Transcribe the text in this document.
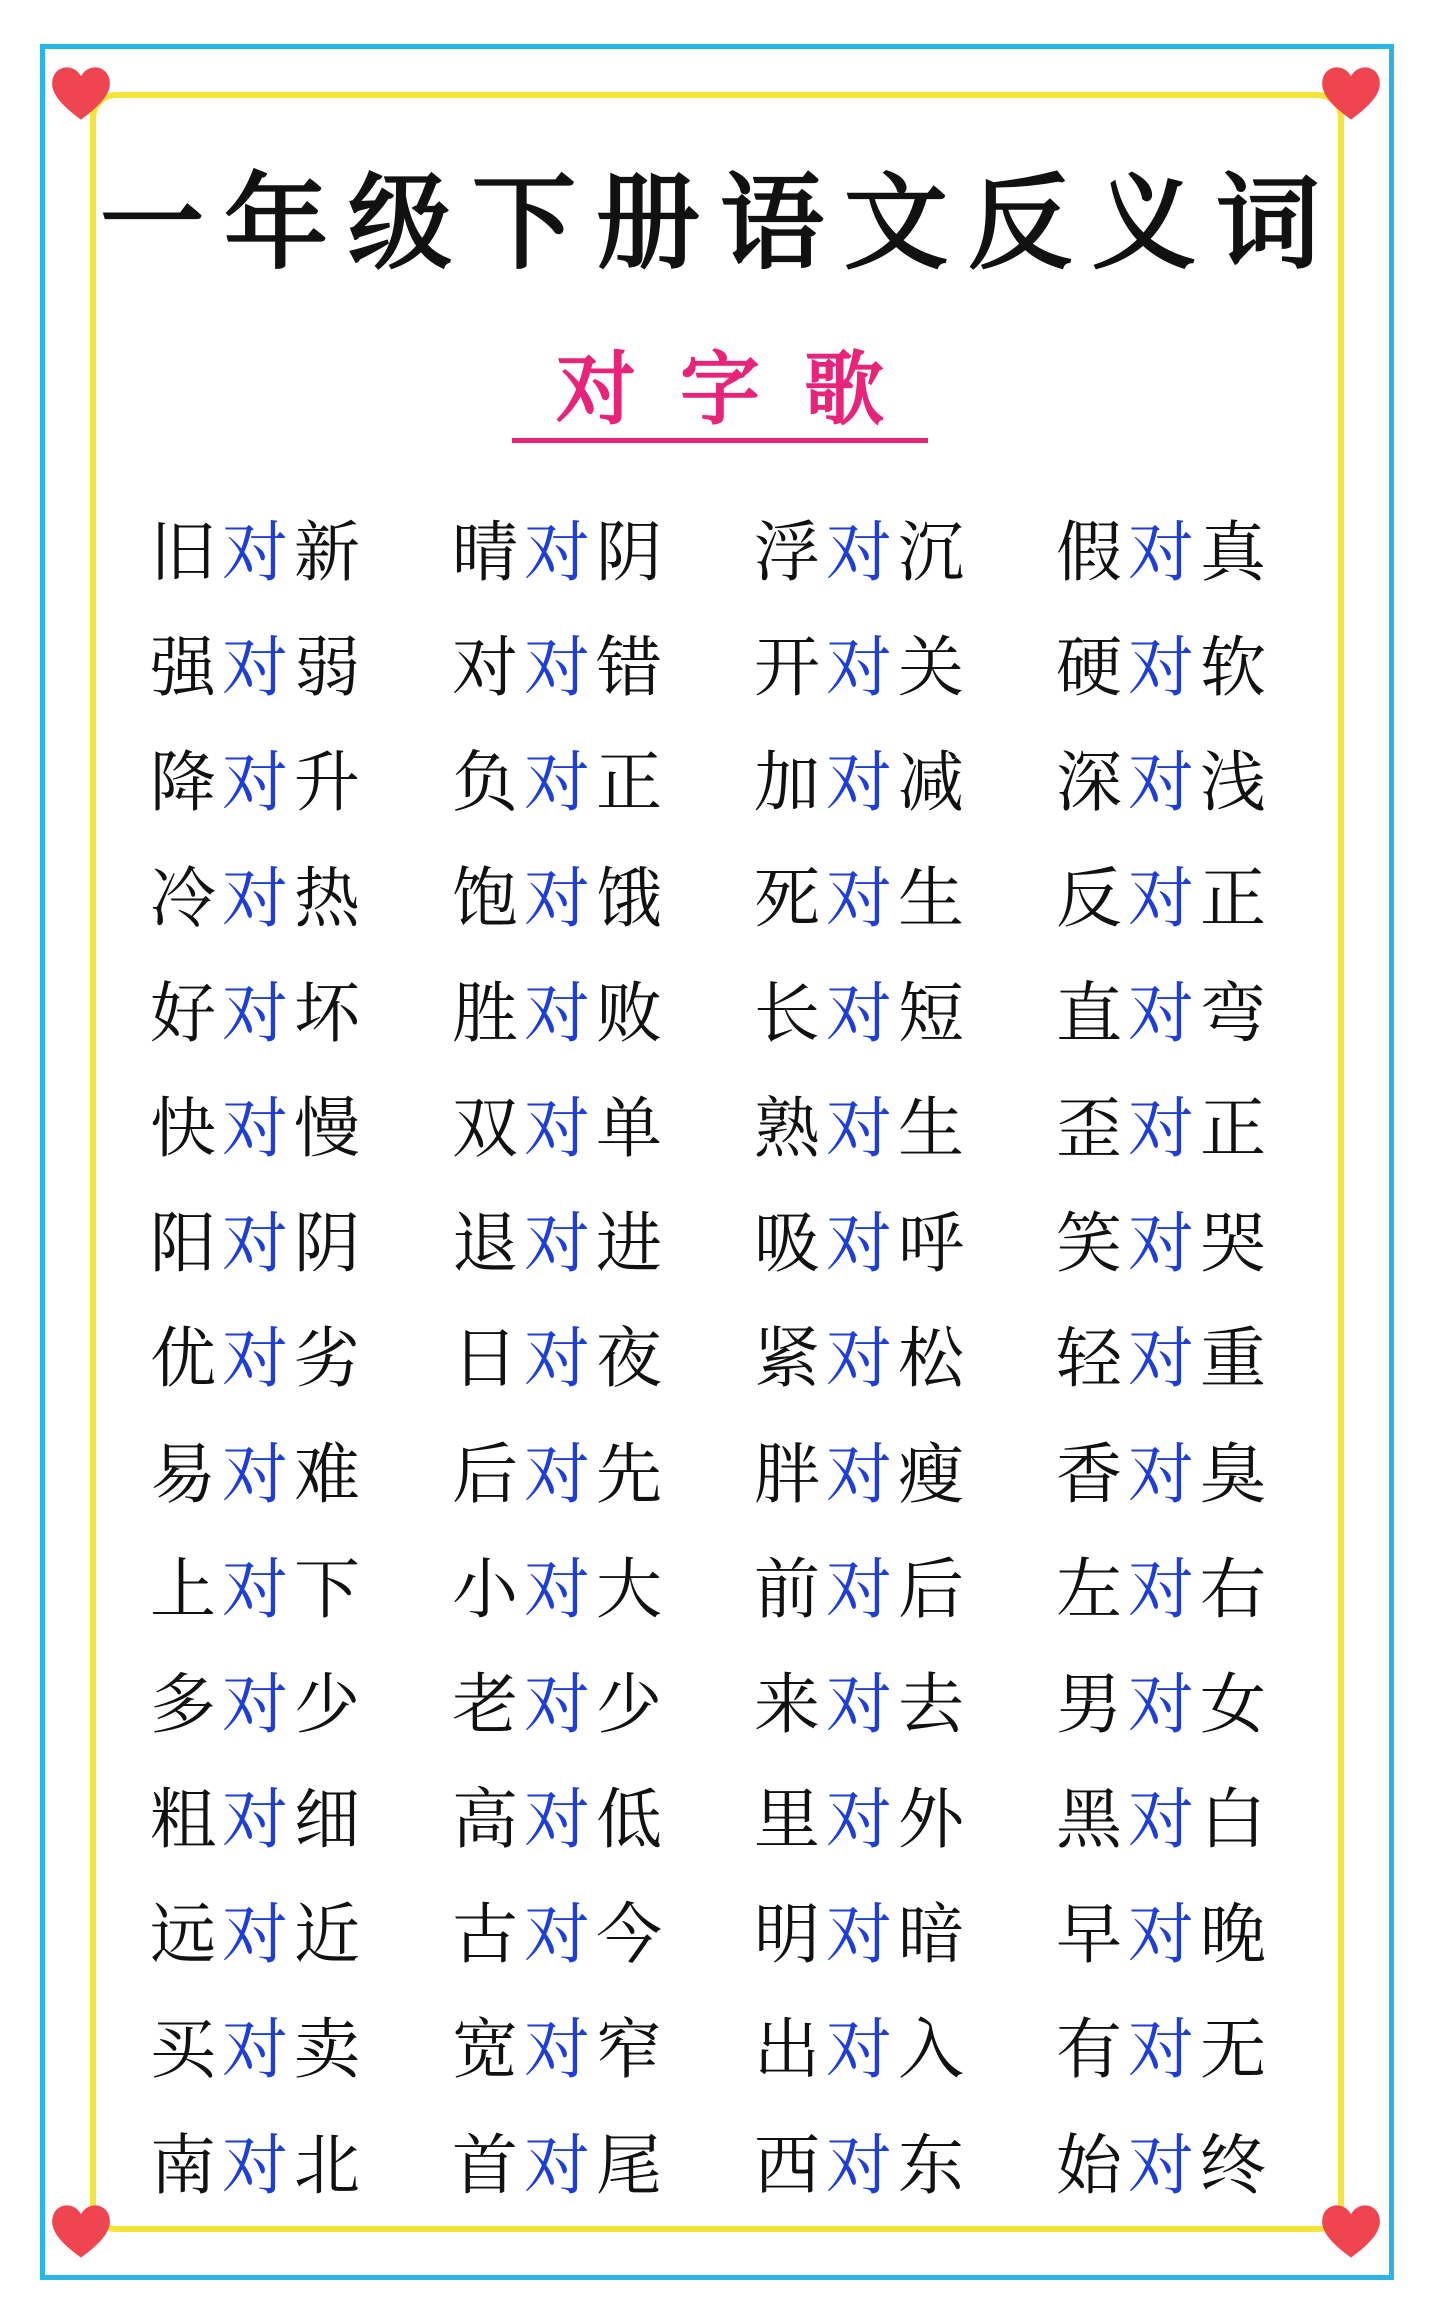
一年级下册语文反义词
对字歌
旧对新 晴对阴 浮对沉 假对真
强对弱 对对错 开对关 硬对软
降对升 负对正 加对减 深对浅
冷对热 饱对饿 死对生 反对正
好对坏 胜对败 长对短 直对弯
快对慢 双对单 熟对生 歪对正
阳对阴 退对进 吸对呼 笑对哭
优对劣 日对夜 紧对松 轻对重
易对难 后对先 胖对瘦 香对臭
上对下 小对大 前对后 左对右
多对少 老对少 来对去 男对女
粗对细 高对低 里对外 黑对白
远对近 古对今 明对暗 早对晚
买对卖 宽对窄 出对入 有对无
南对北 首对尾 西对东 始对终
